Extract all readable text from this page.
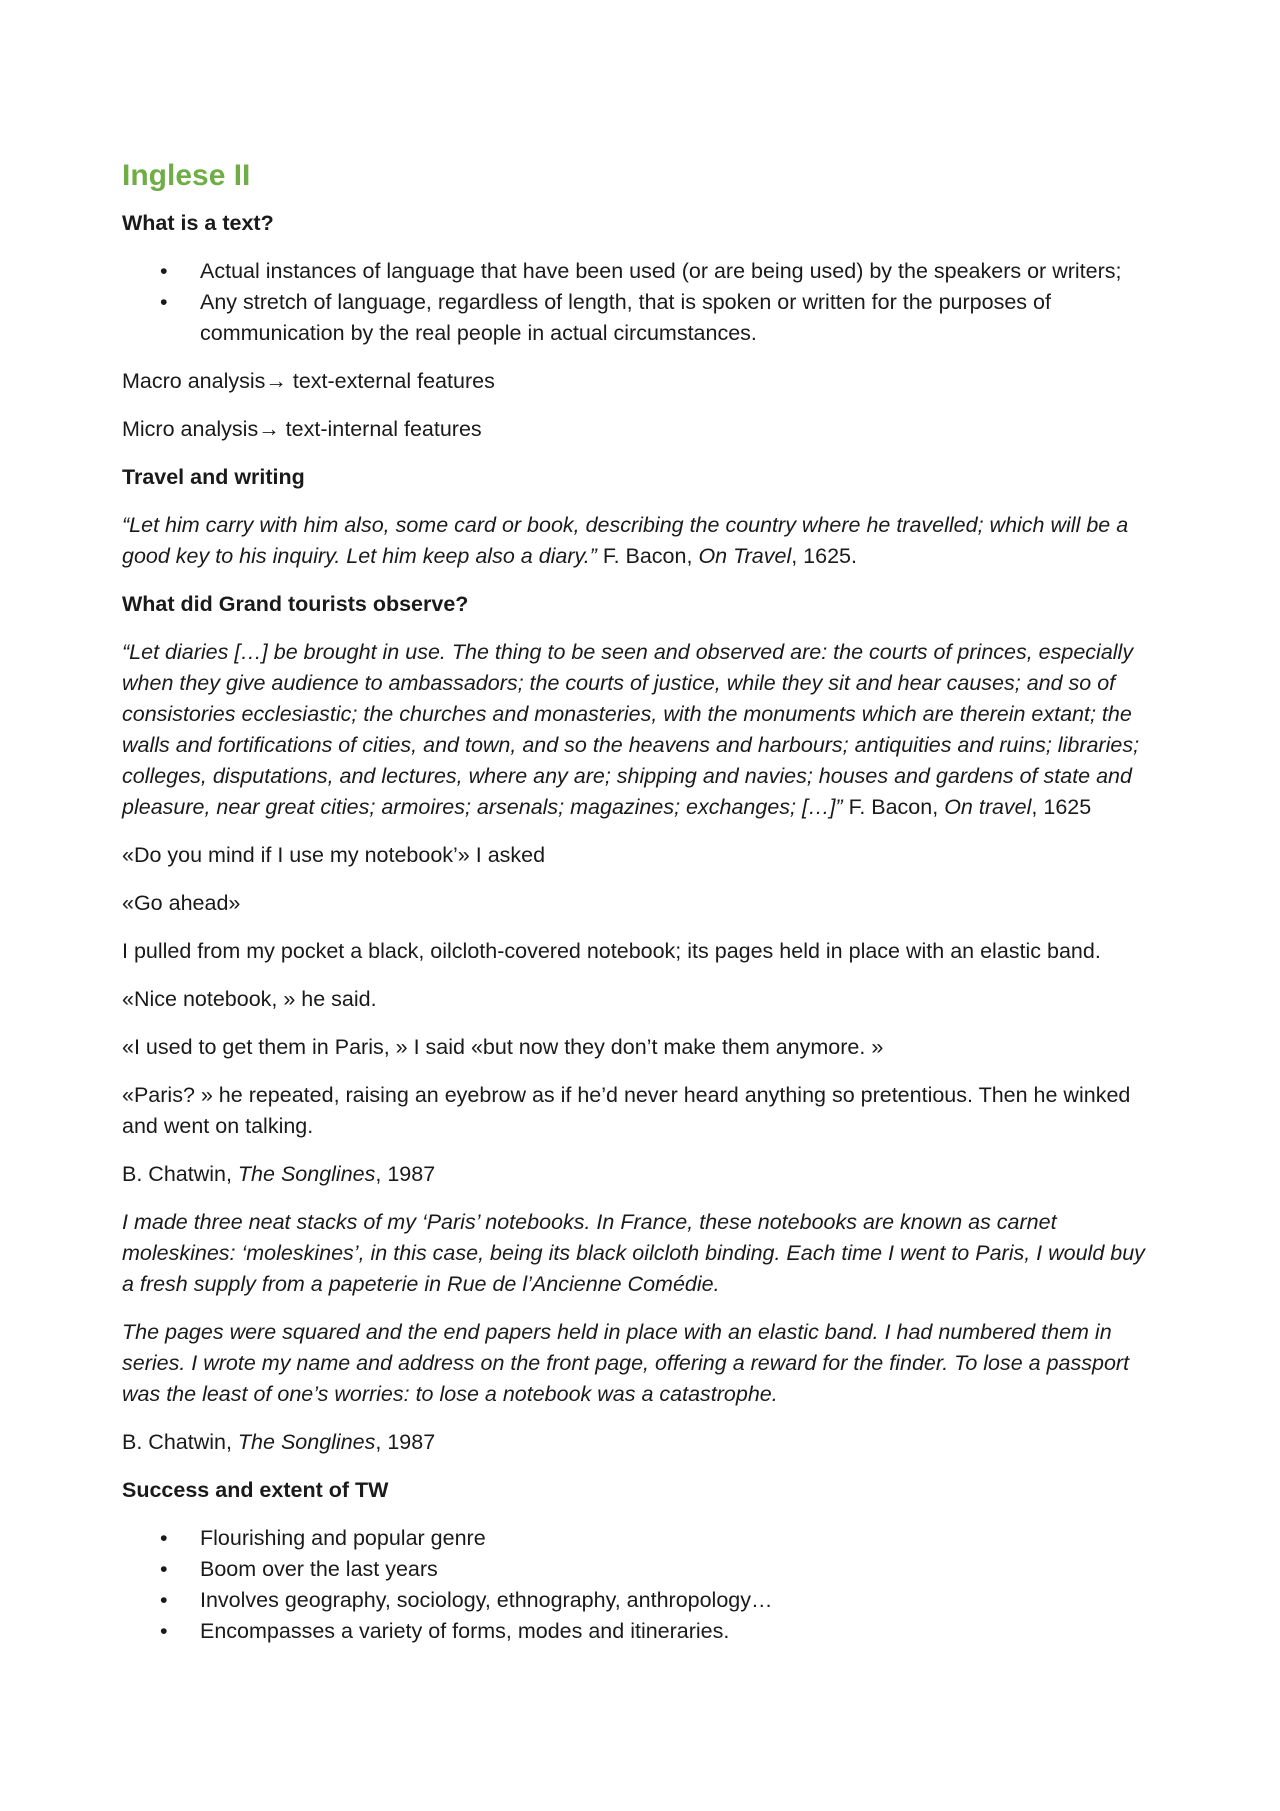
Inglese II

What is a text?

• Actual instances of language that have been used (or are being used) by the speakers or writers;
• Any stretch of language, regardless of length, that is spoken or written for the purposes of communication by the real people in actual circumstances.

Macro analysis→ text-external features

Micro analysis→ text-internal features

Travel and writing

“Let him carry with him also, some card or book, describing the country where he travelled; which will be a good key to his inquiry. Let him keep also a diary.” F. Bacon, On Travel, 1625.

What did Grand tourists observe?

“Let diaries […] be brought in use. The thing to be seen and observed are: the courts of princes, especially when they give audience to ambassadors; the courts of justice, while they sit and hear causes; and so of consistories ecclesiastic; the churches and monasteries, with the monuments which are therein extant; the walls and fortifications of cities, and town, and so the heavens and harbours; antiquities and ruins; libraries; colleges, disputations, and lectures, where any are; shipping and navies; houses and gardens of state and pleasure, near great cities; armoires; arsenals; magazines; exchanges; […]” F. Bacon, On travel, 1625

«Do you mind if I use my notebook’» I asked

«Go ahead»

I pulled from my pocket a black, oilcloth-covered notebook; its pages held in place with an elastic band.

«Nice notebook, » he said.

«I used to get them in Paris, » I said «but now they don’t make them anymore. »

«Paris? » he repeated, raising an eyebrow as if he’d never heard anything so pretentious. Then he winked and went on talking.

B. Chatwin, The Songlines, 1987

I made three neat stacks of my ‘Paris’ notebooks. In France, these notebooks are known as carnet moleskines: ‘moleskines’, in this case, being its black oilcloth binding. Each time I went to Paris, I would buy a fresh supply from a papeterie in Rue de l’Ancienne Comédie.

The pages were squared and the end papers held in place with an elastic band. I had numbered them in series. I wrote my name and address on the front page, offering a reward for the finder. To lose a passport was the least of one’s worries: to lose a notebook was a catastrophe.

B. Chatwin, The Songlines, 1987

Success and extent of TW

• Flourishing and popular genre
• Boom over the last years
• Involves geography, sociology, ethnography, anthropology…
• Encompasses a variety of forms, modes and itineraries.
